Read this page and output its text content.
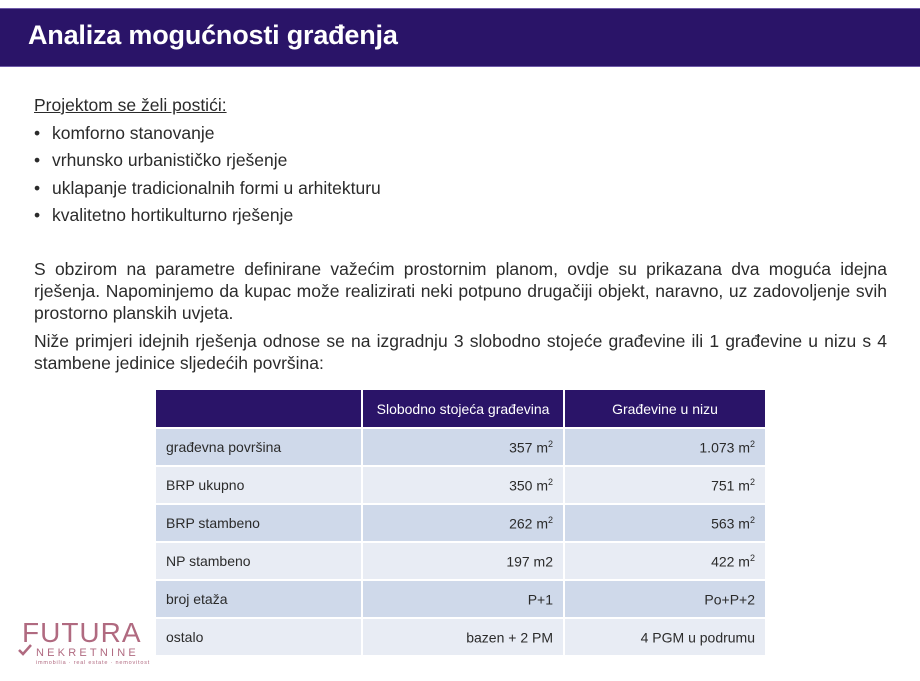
Analiza mogućnosti građenja
Projektom se želi postići:
• komforno stanovanje
• vrhunsko urbanističko rješenje
• uklapanje tradicionalnih formi u arhitekturu
• kvalitetno hortikulturno rješenje
S obzirom na parametre definirane važećim prostornim planom, ovdje su prikazana dva moguća idejna rješenja. Napominjemo da kupac može realizirati neki potpuno drugačiji objekt, naravno, uz zadovoljenje svih prostorno planskih uvjeta.
Niže primjeri idejnih rješenja odnose se na izgradnju 3 slobodno stojeće građevine ili 1 građevine u nizu s 4 stambene jedinice sljedećih površina:
	Slobodno stojeća građevina	Građevine u nizu
građevna površina	357 $m^2$	1.073 $m^2$
BRP ukupno	350 $m^2$	751 $m^2$
BRP stambeno	262 $m^2$	563 $m^2$
NP stambeno	197 m2	422 $m^2$
broj etaža	P+1	Po+P+2
ostalo	bazen + 2 PM	4 PGM u podrumu
FUTURA
NEKRETNINE
immobilia · real estate · nemovitost
